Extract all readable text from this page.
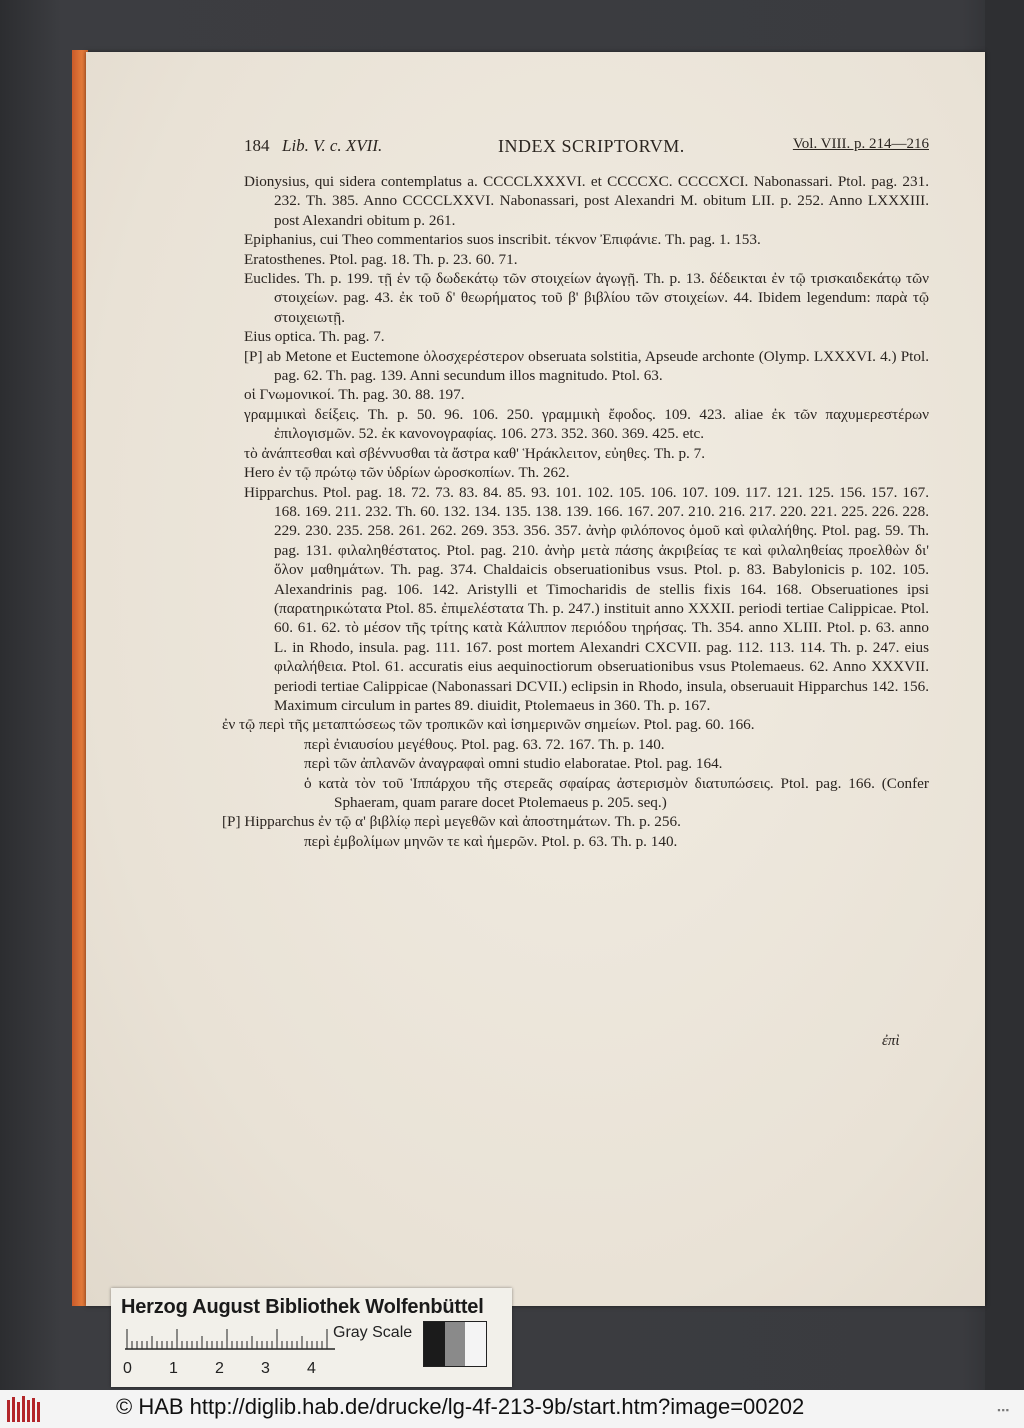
184 Lib. V. c. XVII.	INDEX SCRIPTORVM.	Vol. VIII. p. 214—216
Dionysius, qui sidera contemplatus a. CCCCLXXXVI. et CCCCXC. CCCCXCI. Nabonassari. Ptol. pag. 231. 232. Th. 385. Anno CCCCLXXVI. Nabonassari, post Alexandri M. obitum LII. p. 252. Anno LXXXIII. post Alexandri obitum p. 261.
Epiphanius, cui Theo commentarios suos inscribit. τέκνον Ἐπιφάνιε. Th. pag. 1. 153.
Eratosthenes. Ptol. pag. 18. Th. p. 23. 60. 71.
Euclides. Th. p. 199. τῇ ἐν τῷ δωδεκάτῳ τῶν στοιχείων ἀγωγῇ. Th. p. 13. δέδεικται ἐν τῷ τρισκαιδεκάτῳ τῶν στοιχείων. pag. 43. ἐκ τοῦ δ' θεωρήματος τοῦ β' βιβλίου τῶν στοιχείων. 44. Ibidem legendum: παρὰ τῷ στοιχειωτῇ.
Eius optica. Th. pag. 7.
[P] ab Metone et Euctemone ὁλοσχερέστερον obseruata solstitia, Apseude archonte (Olymp. LXXXVI. 4.) Ptol. pag. 62. Th. pag. 139. Anni secundum illos magnitudo. Ptol. 63.
οἱ Γνωμονικοί. Th. pag. 30. 88. 197.
γραμμικαὶ δείξεις. Th. p. 50. 96. 106. 250. γραμμικὴ ἔφοδος. 109. 423. aliae ἐκ τῶν παχυμερεστέρων ἐπιλογισμῶν. 52. ἐκ κανονογραφίας. 106. 273. 352. 360. 369. 425. etc.
τὸ ἀνάπτεσθαι καὶ σβέννυσθαι τὰ ἄστρα καθ' Ἡράκλειτον, εὐηθες. Th. p. 7.
Hero ἐν τῷ πρώτῳ τῶν ὑδρίων ὡροσκοπίων. Th. 262.
Hipparchus. Ptol. pag. 18. 72. 73. 83. 84. 85. 93. 101. 102. 105. 106. 107. 109. 117. 121. 125. 156. 157. 167. 168. 169. 211. 232. Th. 60. 132. 134. 135. 138. 139. 166. 167. 207. 210. 216. 217. 220. 221. 225. 226. 228. 229. 230. 235. 258. 261. 262. 269. 353. 356. 357. ἀνὴρ φιλόπονος ὁμοῦ καὶ φιλαλήθης. Ptol. pag. 59. Th. pag. 131. φιλαληθέστατος. Ptol. pag. 210. ἀνὴρ μετὰ πάσης ἀκριβείας τε καὶ φιλαληθείας προελθὼν δι' ὅλον μαθημάτων. Th. pag. 374. Chaldaicis obseruationibus vsus. Ptol. p. 83. Babylonicis p. 102. 105. Alexandrinis pag. 106. 142. Aristylli et Timocharidis de stellis fixis 164. 168. Obseruationes ipsi (παρατηρικώτατα Ptol. 85. ἐπιμελέστατα Th. p. 247.) instituit anno XXXII. periodi tertiae Calippicae. Ptol. 60. 61. 62. τὸ μέσον τῆς τρίτης κατὰ Κάλιππον περιόδου τηρήσας. Th. 354. anno XLIII. Ptol. p. 63. anno L. in Rhodo, insula. pag. 111. 167. post mortem Alexandri CXCVII. pag. 112. 113. 114. Th. p. 247. eius φιλαλήθεια. Ptol. 61. accuratis eius aequinoctiorum obseruationibus vsus Ptolemaeus. 62. Anno XXXVII. periodi tertiae Calippicae (Nabonassari DCVII.) eclipsin in Rhodo, insula, obseruauit Hipparchus 142. 156. Maximum circulum in partes 89. diuidit, Ptolemaeus in 360. Th. p. 167.
ἐν τῷ περὶ τῆς μεταπτώσεως τῶν τροπικῶν καὶ ἰσημερινῶν σημείων. Ptol. pag. 60. 166.
περὶ ἐνιαυσίου μεγέθους. Ptol. pag. 63. 72. 167. Th. p. 140.
περὶ τῶν ἀπλανῶν ἀναγραφαὶ omni studio elaboratae. Ptol. pag. 164.
ὁ κατὰ τὸν τοῦ Ἱππάρχου τῆς στερεᾶς σφαίρας ἀστερισμὸν διατυπώσεις. Ptol. pag. 166. (Confer Sphaeram, quam parare docet Ptolemaeus p. 205. seq.)
[P] Hipparchus ἐν τῷ α' βιβλίῳ περὶ μεγεθῶν καὶ ἀποστημάτων. Th. p. 256.
περὶ ἐμβολίμων μηνῶν τε καὶ ἡμερῶν. Ptol. p. 63. Th. p. 140.
ἐπὶ
Herzog August Bibliothek Wolfenbüttel
0 1 2 3 4
Gray Scale
© HAB http://diglib.hab.de/drucke/lg-4f-213-9b/start.htm?image=00202	▪▪▪
